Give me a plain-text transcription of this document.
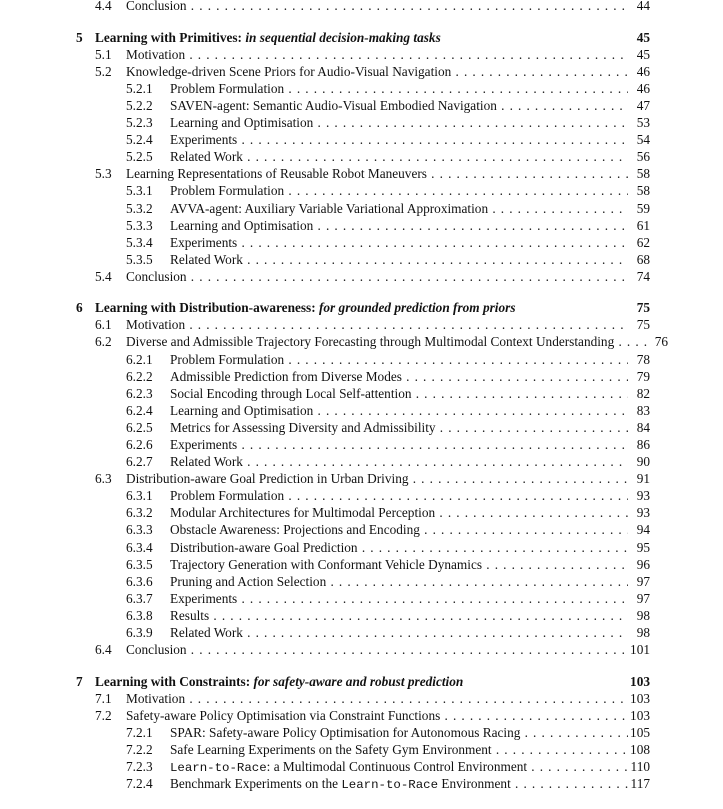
4.4 Conclusion . . .	44
5 Learning with Primitives: in sequential decision-making tasks	45
5.1 Motivation . . .	45
5.2 Knowledge-driven Scene Priors for Audio-Visual Navigation . . .	46
5.2.1 Problem Formulation . . .	46
5.2.2 SAVEN-agent: Semantic Audio-Visual Embodied Navigation . . .	47
5.2.3 Learning and Optimisation . . .	53
5.2.4 Experiments . . .	54
5.2.5 Related Work . . .	56
5.3 Learning Representations of Reusable Robot Maneuvers . . .	58
5.3.1 Problem Formulation . . .	58
5.3.2 AVVA-agent: Auxiliary Variable Variational Approximation . . .	59
5.3.3 Learning and Optimisation . . .	61
5.3.4 Experiments . . .	62
5.3.5 Related Work . . .	68
5.4 Conclusion . . .	74
6 Learning with Distribution-awareness: for grounded prediction from priors	75
6.1 Motivation . . .	75
6.2 Diverse and Admissible Trajectory Forecasting through Multimodal Context Understanding . . .	76
6.2.1 Problem Formulation . . .	78
6.2.2 Admissible Prediction from Diverse Modes . . .	79
6.2.3 Social Encoding through Local Self-attention . . .	82
6.2.4 Learning and Optimisation . . .	83
6.2.5 Metrics for Assessing Diversity and Admissibility . . .	84
6.2.6 Experiments . . .	86
6.2.7 Related Work . . .	90
6.3 Distribution-aware Goal Prediction in Urban Driving . . .	91
6.3.1 Problem Formulation . . .	93
6.3.2 Modular Architectures for Multimodal Perception . . .	93
6.3.3 Obstacle Awareness: Projections and Encoding . . .	94
6.3.4 Distribution-aware Goal Prediction . . .	95
6.3.5 Trajectory Generation with Conformant Vehicle Dynamics . . .	96
6.3.6 Pruning and Action Selection . . .	97
6.3.7 Experiments . . .	97
6.3.8 Results . . .	98
6.3.9 Related Work . . .	98
6.4 Conclusion . . .	101
7 Learning with Constraints: for safety-aware and robust prediction	103
7.1 Motivation . . .	103
7.2 Safety-aware Policy Optimisation via Constraint Functions . . .	103
7.2.1 SPAR: Safety-aware Policy Optimisation for Autonomous Racing . . .	105
7.2.2 Safe Learning Experiments on the Safety Gym Environment . . .	108
7.2.3 Learn-to-Race: a Multimodal Continuous Control Environment . . .	110
7.2.4 Benchmark Experiments on the Learn-to-Race Environment . . .	117
